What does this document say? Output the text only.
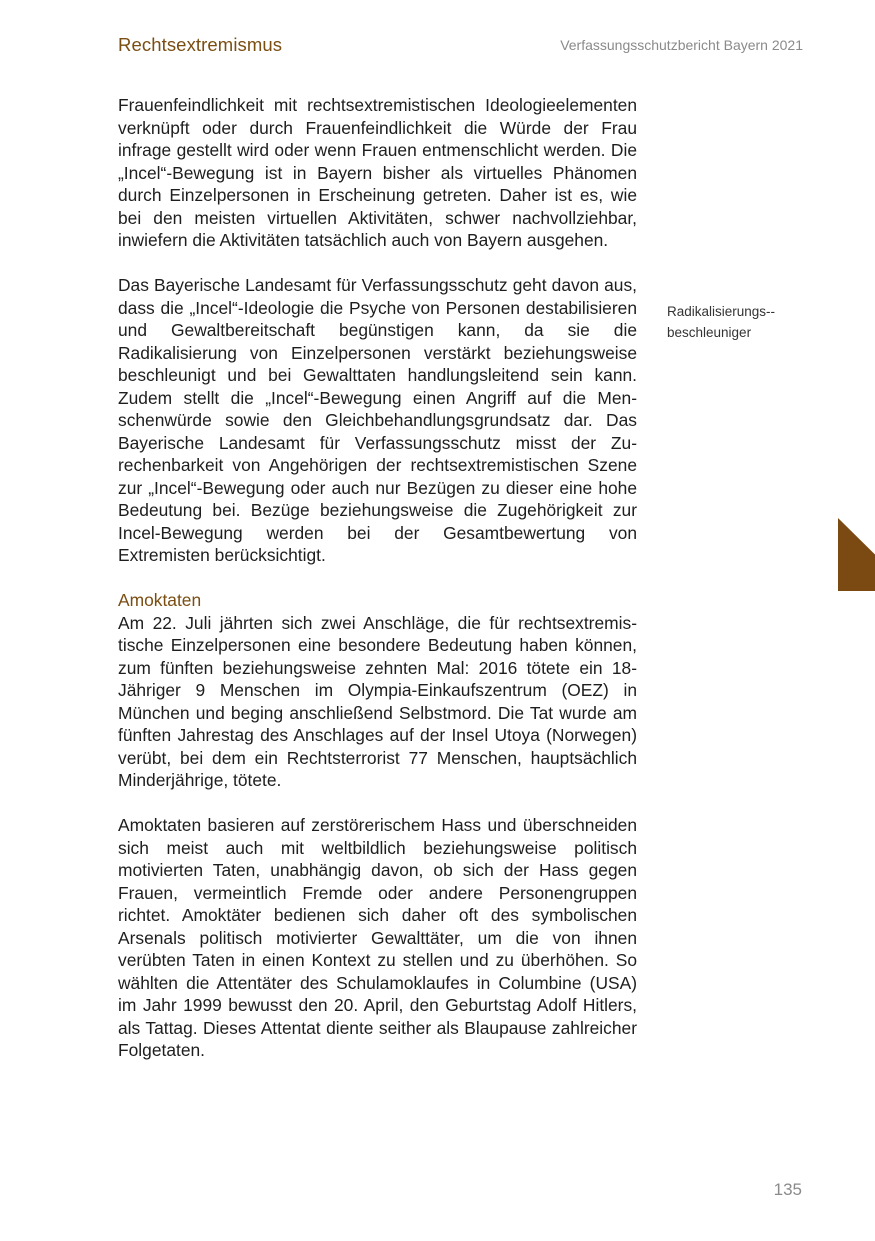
Rechtsextremismus	Verfassungsschutzbericht Bayern 2021

Frauenfeindlichkeit mit rechtsextremistischen Ideologieelementen verknüpft oder durch Frauenfeindlichkeit die Würde der Frau infrage gestellt wird oder wenn Frauen entmenschlicht werden. Die „Incel“-Bewegung ist in Bayern bisher als virtuelles Phänomen durch Einzelpersonen in Erscheinung getreten. Daher ist es, wie bei den meisten virtuellen Aktivitäten, schwer nachvollziehbar, inwiefern die Aktivitäten tatsächlich auch von Bayern ausgehen.

Das Bayerische Landesamt für Verfassungsschutz geht davon aus, dass die „Incel“-Ideologie die Psyche von Personen destabilisieren und Gewaltbereitschaft begünstigen kann, da sie die Radikalisierung von Einzelpersonen verstärkt beziehungsweise beschleunigt und bei Gewalttaten handlungsleitend sein kann. Zudem stellt die „Incel“-Bewegung einen Angriff auf die Menschenwürde sowie den Gleichbehandlungsgrundsatz dar. Das Bayerische Landesamt für Verfassungsschutz misst der Zurechenbarkeit von Angehörigen der rechtsextremistischen Szene zur „Incel“-Bewegung oder auch nur Bezügen zu dieser eine hohe Bedeutung bei. Bezüge beziehungsweise die Zugehörigkeit zur Incel-Bewegung werden bei der Gesamtbewertung von Extremisten berücksichtigt.

Amoktaten

Am 22. Juli jährten sich zwei Anschläge, die für rechtsextremistische Einzelpersonen eine besondere Bedeutung haben können, zum fünften beziehungsweise zehnten Mal: 2016 tötete ein 18-Jähriger 9 Menschen im Olympia-Einkaufszentrum (OEZ) in München und beging anschließend Selbstmord. Die Tat wurde am fünften Jahrestag des Anschlages auf der Insel Utoya (Norwegen) verübt, bei dem ein Rechtsterrorist 77 Menschen, hauptsächlich Minderjährige, tötete.

Amoktaten basieren auf zerstörerischem Hass und überschneiden sich meist auch mit weltbildlich beziehungsweise politisch motivierten Taten, unabhängig davon, ob sich der Hass gegen Frauen, vermeintlich Fremde oder andere Personengruppen richtet. Amoktäter bedienen sich daher oft des symbolischen Arsenals politisch motivierter Gewalttäter, um die von ihnen verübten Taten in einen Kontext zu stellen und zu überhöhen. So wählten die Attentäter des Schulamoklaufes in Columbine (USA) im Jahr 1999 bewusst den 20. April, den Geburtstag Adolf Hitlers, als Tattag. Dieses Attentat diente seither als Blaupause zahlreicher Folgetaten.

Radikalisierungs-beschleuniger
135
